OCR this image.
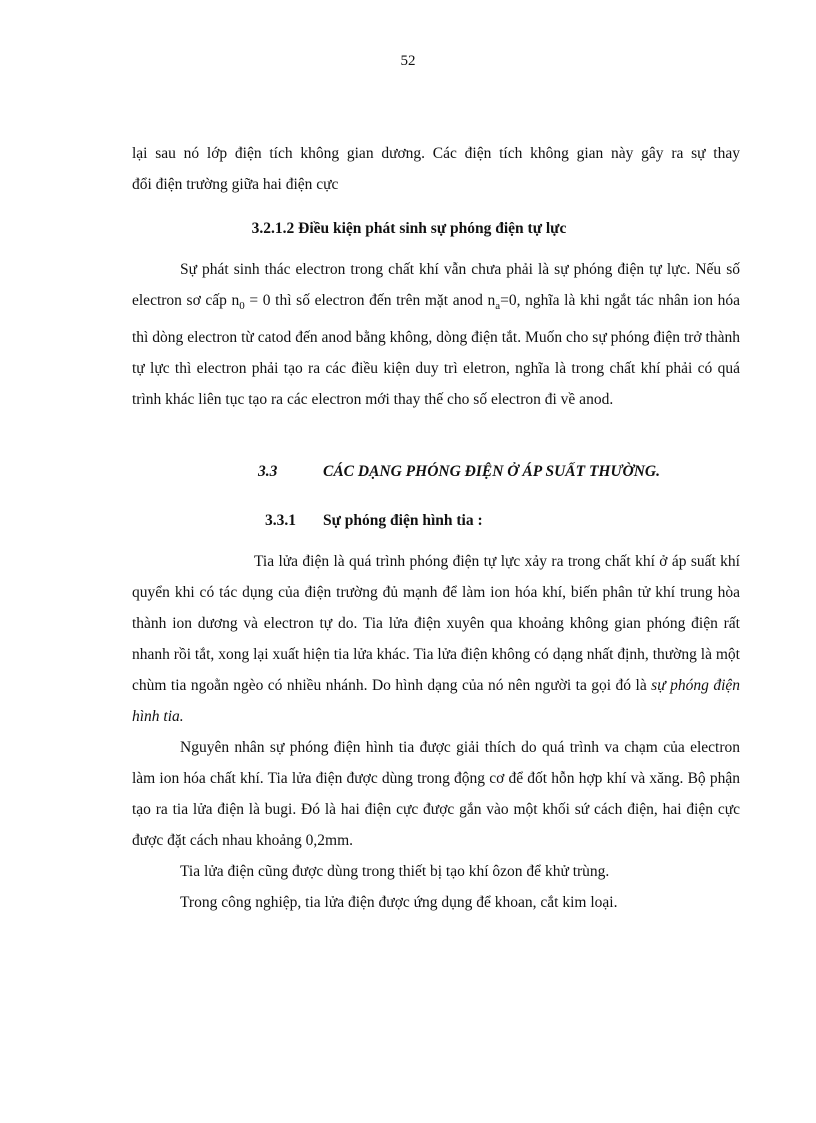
52

lại sau nó lớp điện tích không gian dương. Các điện tích không gian này gây ra sự thay

đổi điện trường giữa hai điện cực

3.2.1.2 Điều kiện phát sinh sự phóng điện tự lực

Sự phát sinh thác electron trong chất khí vẫn chưa phải là sự phóng điện tự lực. Nếu số electron sơ cấp $n_0 = 0$ thì số electron đến trên mặt anod $n_a=0$, nghĩa là khi ngắt tác nhân ion hóa thì dòng electron từ catod đến anod bằng không, dòng điện tắt. Muốn cho sự phóng điện trở thành tự lực thì electron phải tạo ra các điều kiện duy trì eletron, nghĩa là trong chất khí phải có quá trình khác liên tục tạo ra các electron mới thay thế cho số electron đi về anod.

3.3	CÁC DẠNG PHÓNG ĐIỆN Ở ÁP SUẤT THƯỜNG.
3.3.1 Sự phóng điện hình tia :

Tia lửa điện là quá trình phóng điện tự lực xảy ra trong chất khí ở áp suất khí quyển khi có tác dụng của điện trường đủ mạnh để làm ion hóa khí, biến phân tử khí trung hòa thành ion dương và electron tự do. Tia lửa điện xuyên qua khoảng không gian phóng điện rất nhanh rồi tắt, xong lại xuất hiện tia lửa khác. Tia lửa điện không có dạng nhất định, thường là một chùm tia ngoằn ngèo có nhiều nhánh. Do hình dạng của nó nên người ta gọi đó là sự phóng điện hình tia.

Nguyên nhân sự phóng điện hình tia được giải thích do quá trình va chạm của electron làm ion hóa chất khí. Tia lửa điện được dùng trong động cơ để đốt hỗn hợp khí và xăng. Bộ phận tạo ra tia lửa điện là bugi. Đó là hai điện cực được gắn vào một khối sứ cách điện, hai điện cực được đặt cách nhau khoảng 0,2mm.

Tia lửa điện cũng được dùng trong thiết bị tạo khí ôzon để khử trùng.

Trong công nghiệp, tia lửa điện được ứng dụng để khoan, cắt kim loại.
